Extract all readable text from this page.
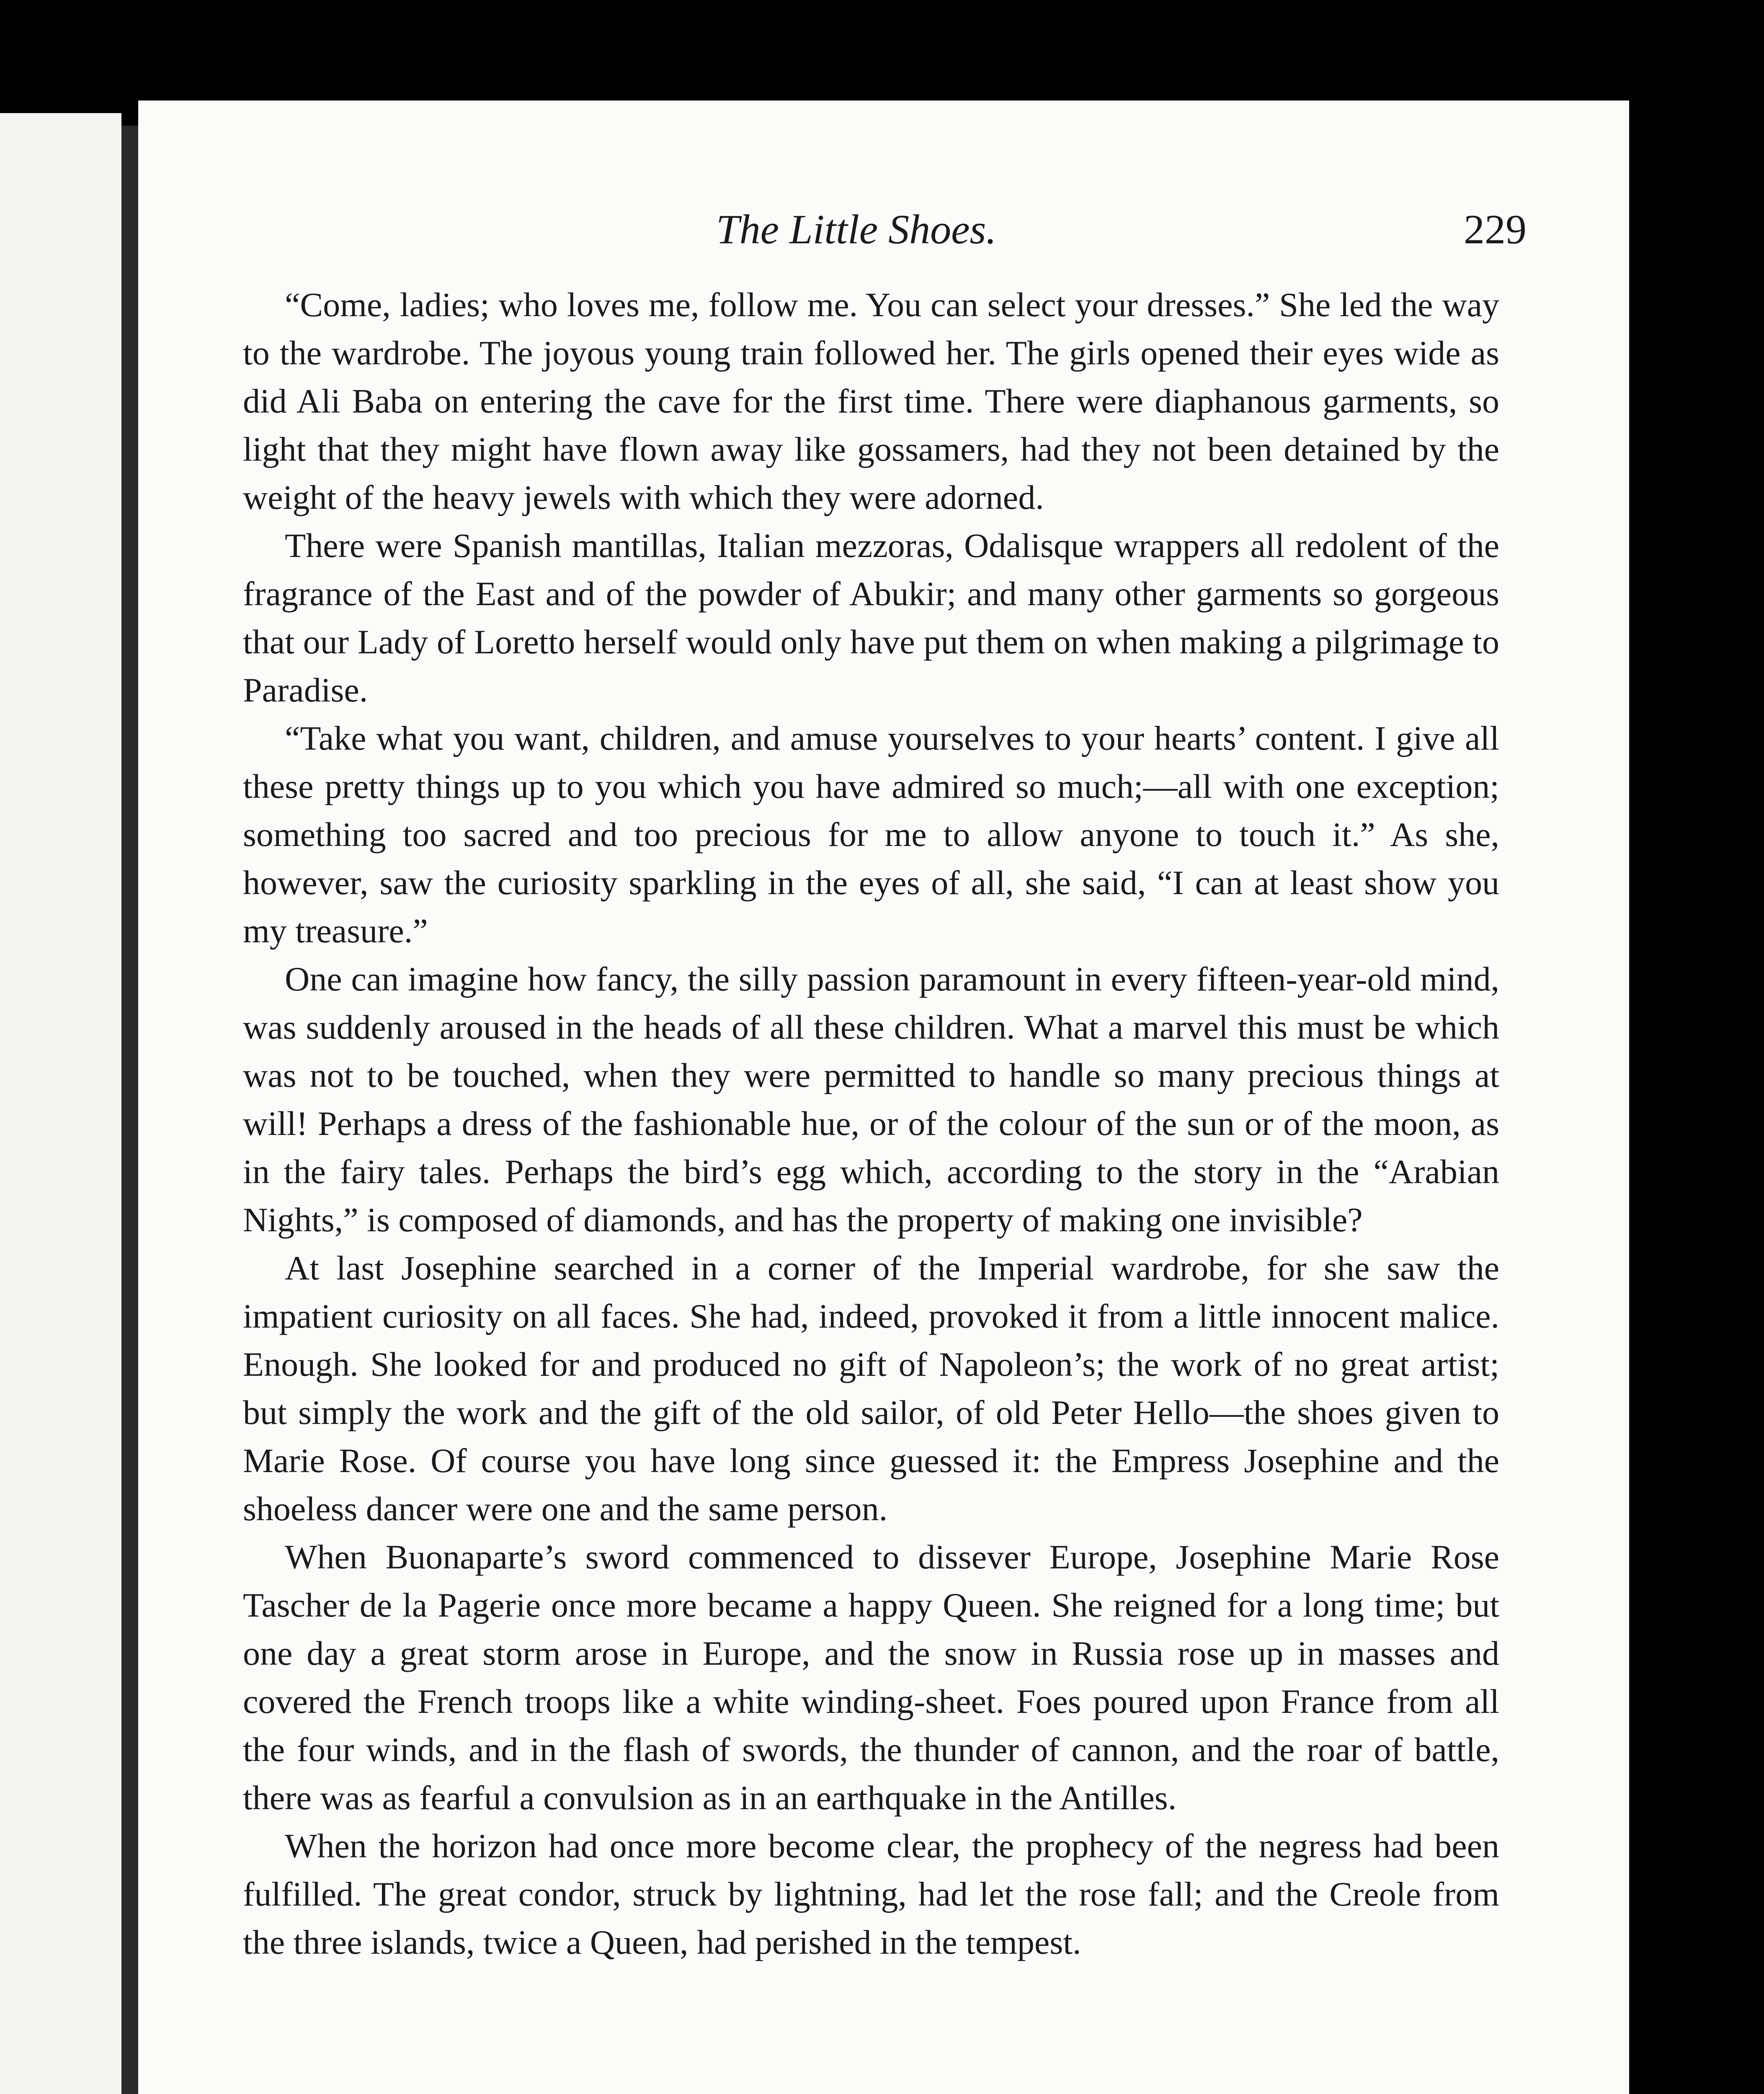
The Little Shoes.	229

“Come, ladies; who loves me, follow me. You can select your dresses.” She led the way to the wardrobe. The joyous young train followed her. The girls opened their eyes wide as did Ali Baba on entering the cave for the first time. There were diaphanous garments, so light that they might have flown away like gossamers, had they not been detained by the weight of the heavy jewels with which they were adorned.

There were Spanish mantillas, Italian mezzoras, Odalisque wrappers all redolent of the fragrance of the East and of the powder of Abukir; and many other garments so gorgeous that our Lady of Loretto herself would only have put them on when making a pilgrimage to Paradise.

“Take what you want, children, and amuse yourselves to your hearts’ content. I give all these pretty things up to you which you have admired so much;—all with one exception; something too sacred and too precious for me to allow anyone to touch it.” As she, however, saw the curiosity sparkling in the eyes of all, she said, “I can at least show you my treasure.”

One can imagine how fancy, the silly passion paramount in every fifteen-year-old mind, was suddenly aroused in the heads of all these children. What a marvel this must be which was not to be touched, when they were permitted to handle so many precious things at will! Perhaps a dress of the fashionable hue, or of the colour of the sun or of the moon, as in the fairy tales. Perhaps the bird’s egg which, according to the story in the “Arabian Nights,” is composed of diamonds, and has the property of making one invisible?

At last Josephine searched in a corner of the Imperial wardrobe, for she saw the impatient curiosity on all faces. She had, indeed, provoked it from a little innocent malice. Enough. She looked for and produced no gift of Napoleon’s; the work of no great artist; but simply the work and the gift of the old sailor, of old Peter Hello—the shoes given to Marie Rose. Of course you have long since guessed it: the Empress Josephine and the shoeless dancer were one and the same person.

When Buonaparte’s sword commenced to dissever Europe, Josephine Marie Rose Tascher de la Pagerie once more became a happy Queen. She reigned for a long time; but one day a great storm arose in Europe, and the snow in Russia rose up in masses and covered the French troops like a white winding-sheet. Foes poured upon France from all the four winds, and in the flash of swords, the thunder of cannon, and the roar of battle, there was as fearful a convulsion as in an earthquake in the Antilles.

When the horizon had once more become clear, the prophecy of the negress had been fulfilled. The great condor, struck by lightning, had let the rose fall; and the Creole from the three islands, twice a Queen, had perished in the tempest.
